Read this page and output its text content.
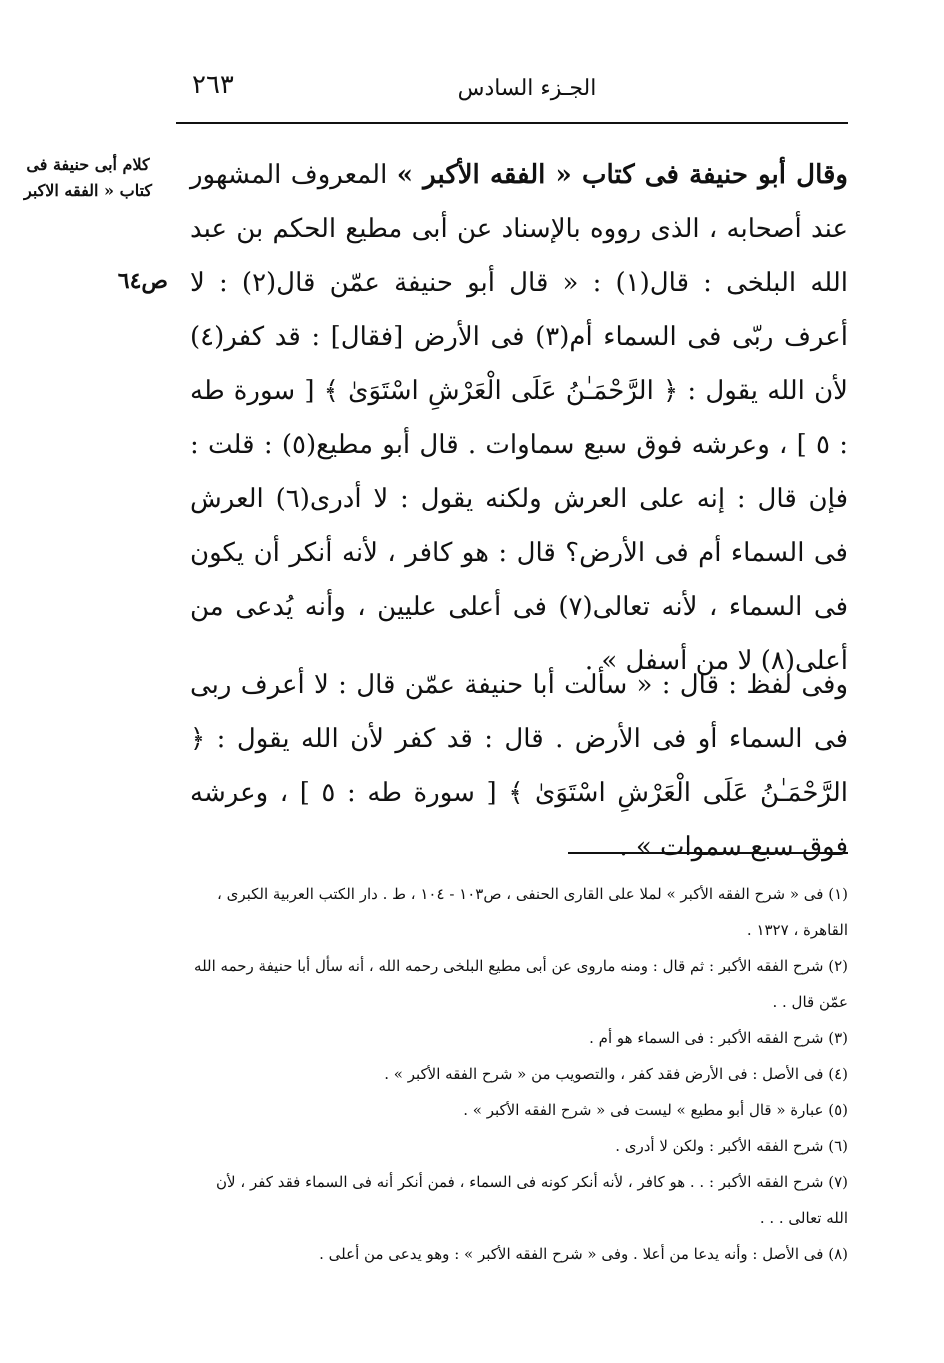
٢٦٣	الجـزء السادس
كلام أبى حنيفة فى كتاب « الفقه الاكبر
ص٦٤
وقال أبو حنيفة فى كتاب « الفقه الأكبر » المعروف المشهور عند أصحابه ، الذى رووه بالإسناد عن أبى مطيع الحكم بن عبد الله البلخى : قال(١) : « قال أبو حنيفة عمّن قال(٢) : لا أعرف ربّى فى السماء أم(٣) فى الأرض [فقال] : قد كفر(٤) لأن الله يقول : ﴿ الرَّحْمَـٰنُ عَلَى الْعَرْشِ اسْتَوَىٰ ﴾ [ سورة طه : ٥ ] ، وعرشه فوق سبع سماوات . قال أبو مطيع(٥) : قلت : فإن قال : إنه على العرش ولكنه يقول : لا أدرى(٦) العرش فى السماء أم فى الأرض؟ قال : هو كافر ، لأنه أنكر أن يكون فى السماء ، لأنه تعالى(٧) فى أعلى عليين ، وأنه يُدعى من أعلى(٨) لا من أسفل » .
وفى لفظ : قال : « سألت أبا حنيفة عمّن قال : لا أعرف ربى فى السماء أو فى الأرض . قال : قد كفر لأن الله يقول : ﴿ الرَّحْمَـٰنُ عَلَى الْعَرْشِ اسْتَوَىٰ ﴾ [ سورة طه : ٥ ] ، وعرشه فوق سبع سموات » .

(١) فى « شرح الفقه الأكبر » لملا على القارى الحنفى ، ص١٠٣ - ١٠٤ ، ط . دار الكتب العربية الكبرى ، القاهرة ، ١٣٢٧ .

(٢) شرح الفقه الأكبر : ثم قال : ومنه ماروى عن أبى مطيع البلخى رحمه الله ، أنه سأل أبا حنيفة رحمه الله عمّن قال . .

(٣) شرح الفقه الأكبر : فى السماء هو أم .

(٤) فى الأصل : فى الأرض فقد كفر ، والتصويب من « شرح الفقه الأكبر » .

(٥) عبارة « قال أبو مطيع » ليست فى « شرح الفقه الأكبر » .

(٦) شرح الفقه الأكبر : ولكن لا أدرى .

(٧) شرح الفقه الأكبر : . . هو كافر ، لأنه أنكر كونه فى السماء ، فمن أنكر أنه فى السماء فقد كفر ، لأن الله تعالى . . .

(٨) فى الأصل : وأنه يدعا من أعلا . وفى « شرح الفقه الأكبر » : وهو يدعى من أعلى .
